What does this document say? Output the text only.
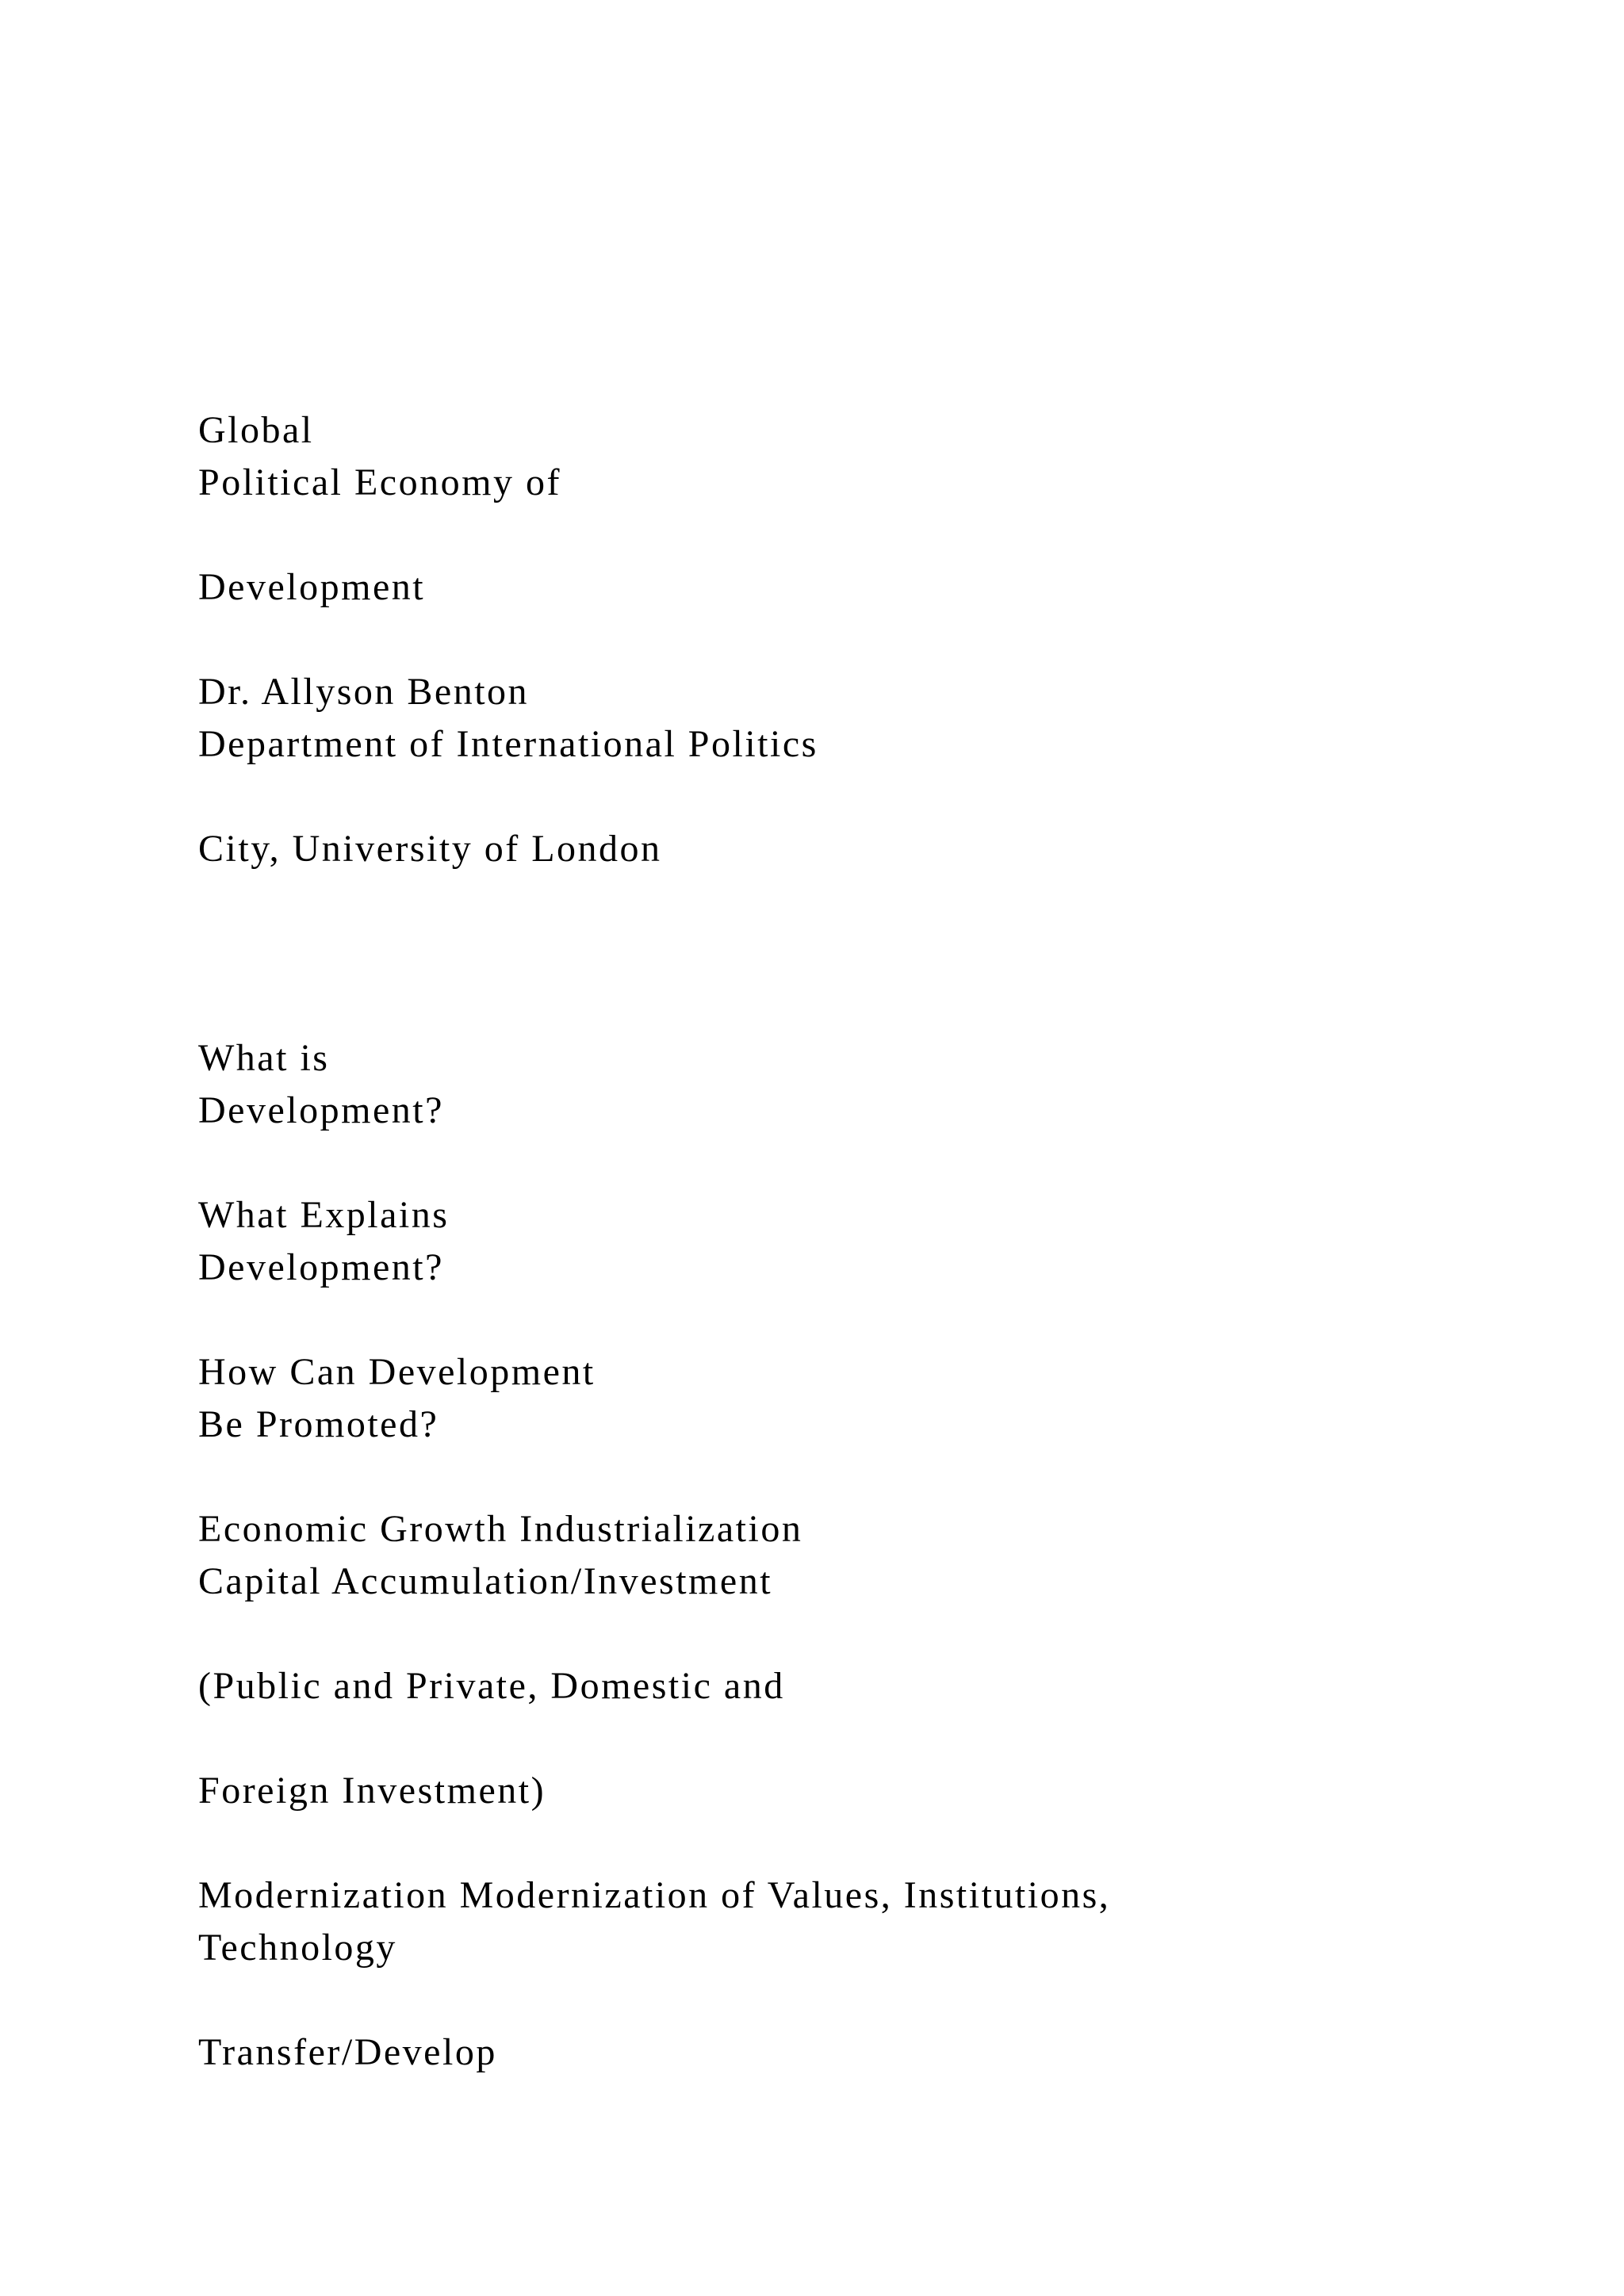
Global
Political Economy of
Development
Dr. Allyson Benton
Department of International Politics
City, University of London
What is
Development?
What Explains
Development?
How Can Development
Be Promoted?
Economic Growth Industrialization
Capital Accumulation/Investment
(Public and Private, Domestic and
Foreign Investment)
Modernization Modernization of Values, Institutions,
Technology
Transfer/Develop
